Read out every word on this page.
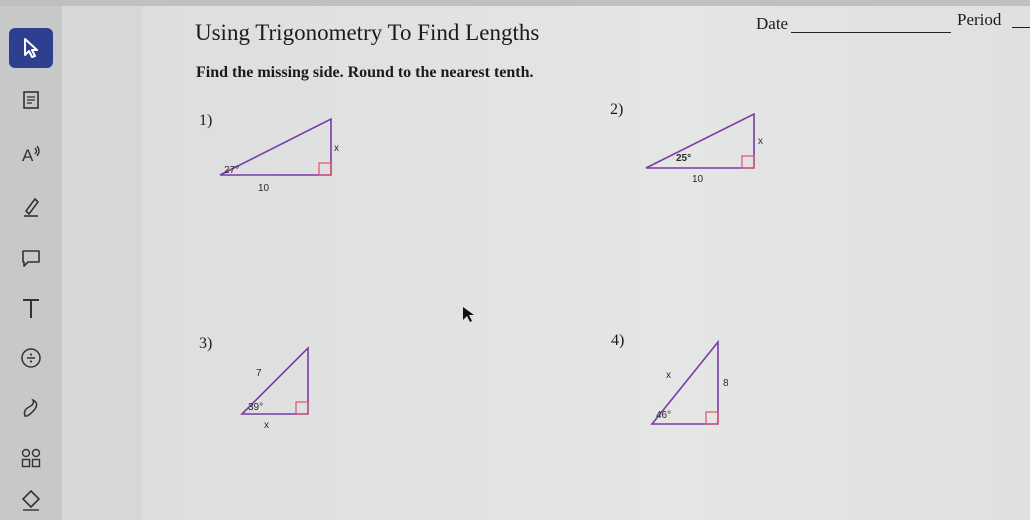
A
Using Trigonometry To Find Lengths	Date	Period
Find the missing side. Round to the nearest tenth.
1)
27°
10
x
2)
25°
10
x
3)
7
39°
x
4)
x
8
46°
